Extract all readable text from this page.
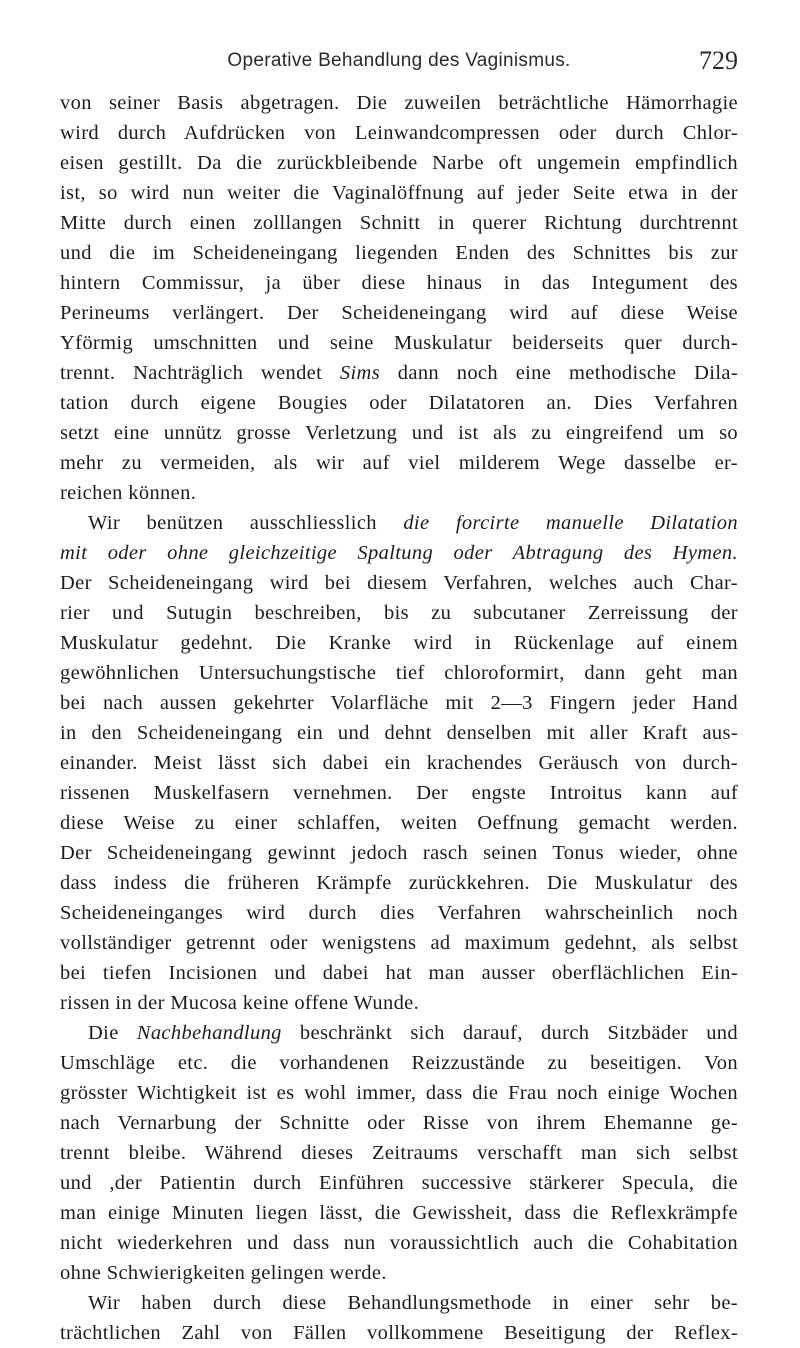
Operative Behandlung des Vaginismus.	729
von seiner Basis abgetragen. Die zuweilen beträchtliche Hämorrhagie
wird durch Aufdrücken von Leinwandcompressen oder durch Chlor-
eisen gestillt. Da die zurückbleibende Narbe oft ungemein empfindlich
ist, so wird nun weiter die Vaginalöffnung auf jeder Seite etwa in der
Mitte durch einen zolllangen Schnitt in querer Richtung durchtrennt
und die im Scheideneingang liegenden Enden des Schnittes bis zur
hintern Commissur, ja über diese hinaus in das Integument des
Perineums verlängert. Der Scheideneingang wird auf diese Weise
Yförmig umschnitten und seine Muskulatur beiderseits quer durch-
trennt. Nachträglich wendet Sims dann noch eine methodische Dila-
tation durch eigene Bougies oder Dilatatoren an. Dies Verfahren
setzt eine unnütz grosse Verletzung und ist als zu eingreifend um so
mehr zu vermeiden, als wir auf viel milderem Wege dasselbe er-
reichen können.
Wir benützen ausschliesslich die forcirte manuelle Dilatation
mit oder ohne gleichzeitige Spaltung oder Abtragung des Hymen.
Der Scheideneingang wird bei diesem Verfahren, welches auch Char-
rier und Sutugin beschreiben, bis zu subcutaner Zerreissung der
Muskulatur gedehnt. Die Kranke wird in Rückenlage auf einem
gewöhnlichen Untersuchungstische tief chloroformirt, dann geht man
bei nach aussen gekehrter Volarfläche mit 2—3 Fingern jeder Hand
in den Scheideneingang ein und dehnt denselben mit aller Kraft aus-
einander. Meist lässt sich dabei ein krachendes Geräusch von durch-
rissenen Muskelfasern vernehmen. Der engste Introitus kann auf
diese Weise zu einer schlaffen, weiten Oeffnung gemacht werden.
Der Scheideneingang gewinnt jedoch rasch seinen Tonus wieder, ohne
dass indess die früheren Krämpfe zurückkehren. Die Muskulatur des
Scheideneinganges wird durch dies Verfahren wahrscheinlich noch
vollständiger getrennt oder wenigstens ad maximum gedehnt, als selbst
bei tiefen Incisionen und dabei hat man ausser oberflächlichen Ein-
rissen in der Mucosa keine offene Wunde.
Die Nachbehandlung beschränkt sich darauf, durch Sitzbäder und
Umschläge etc. die vorhandenen Reizzustände zu beseitigen. Von
grösster Wichtigkeit ist es wohl immer, dass die Frau noch einige Wochen
nach Vernarbung der Schnitte oder Risse von ihrem Ehemanne ge-
trennt bleibe. Während dieses Zeitraums verschafft man sich selbst
und ,der Patientin durch Einführen successive stärkerer Specula, die
man einige Minuten liegen lässt, die Gewissheit, dass die Reflexkrämpfe
nicht wiederkehren und dass nun voraussichtlich auch die Cohabitation
ohne Schwierigkeiten gelingen werde.
Wir haben durch diese Behandlungsmethode in einer sehr be-
trächtlichen Zahl von Fällen vollkommene Beseitigung der Reflex-
